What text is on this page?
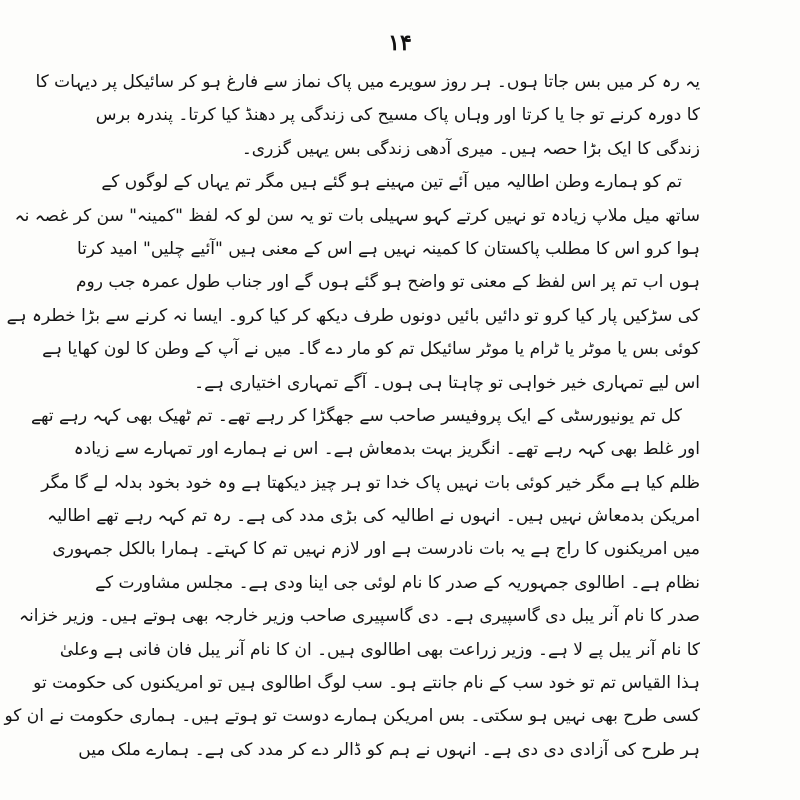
۱۴
یہ رہ کر میں بس جاتا ہوں۔ ہر روز سویرے میں پاک نماز سے فارغ ہو کر سائیکل پر دیہات کا
کا دورہ کرنے تو جا یا کرتا اور وہاں پاک مسیح کی زندگی پر دھنڈ کیا کرتا۔ پندرہ برس
زندگی کا ایک بڑا حصہ ہیں۔ میری آدھی زندگی بس یہیں گزری۔
تم کو ہمارے وطن اطالیہ میں آئے تین مہینے ہو گئے ہیں مگر تم یہاں کے لوگوں کے
ساتھ میل ملاپ زیادہ تو نہیں کرتے کہو سہیلی بات تو یہ سن لو کہ لفظ "کمینہ" سن کر غصہ نہ
ہوا کرو اس کا مطلب پاکستان کا کمینہ نہیں ہے اس کے معنی ہیں "آئیے چلیں" امید کرتا
ہوں اب تم پر اس لفظ کے معنی تو واضح ہو گئے ہوں گے اور جناب طول عمرہ جب روم
کی سڑکیں پار کیا کرو تو دائیں بائیں دونوں طرف دیکھ کر کیا کرو۔ ایسا نہ کرنے سے بڑا خطرہ ہے
کوئی بس یا موٹر یا ٹرام یا موٹر سائیکل تم کو مار دے گا۔ میں نے آپ کے وطن کا لون کھایا ہے
اس لیے تمہاری خیر خواہی تو چاہتا ہی ہوں۔ آگے تمہاری اختیاری ہے۔
کل تم یونیورسٹی کے ایک پروفیسر صاحب سے جھگڑا کر رہے تھے۔ تم ٹھیک بھی کہہ رہے تھے
اور غلط بھی کہہ رہے تھے۔ انگریز بہت بدمعاش ہے۔ اس نے ہمارے اور تمہارے سے زیادہ
ظلم کیا ہے مگر خیر کوئی بات نہیں پاک خدا تو ہر چیز دیکھتا ہے وہ خود بخود بدلہ لے گا مگر
امریکن بدمعاش نہیں ہیں۔ انہوں نے اطالیہ کی بڑی مدد کی ہے۔ رہ تم کہہ رہے تھے اطالیہ
میں امریکنوں کا راج ہے یہ بات نادرست ہے اور لازم نہیں تم کا کہتے۔ ہمارا بالکل جمہوری
نظام ہے۔ اطالوی جمہوریہ کے صدر کا نام لوئی جی اینا ودی ہے۔ مجلس مشاورت کے
صدر کا نام آنر یبل دی گاسپیری ہے۔ دی گاسپیری صاحب وزیر خارجہ بھی ہوتے ہیں۔ وزیر خزانہ
کا نام آنر یبل پے لا ہے۔ وزیر زراعت بھی اطالوی ہیں۔ ان کا نام آنر یبل فان فانی ہے وعلیٰ
ہذا القیاس تم تو خود سب کے نام جانتے ہو۔ سب لوگ اطالوی ہیں تو امریکنوں کی حکومت تو
کسی طرح بھی نہیں ہو سکتی۔ بس امریکن ہمارے دوست تو ہوتے ہیں۔ ہماری حکومت نے ان کو
ہر طرح کی آزادی دی دی ہے۔ انہوں نے ہم کو ڈالر دے کر مدد کی ہے۔ ہمارے ملک میں
